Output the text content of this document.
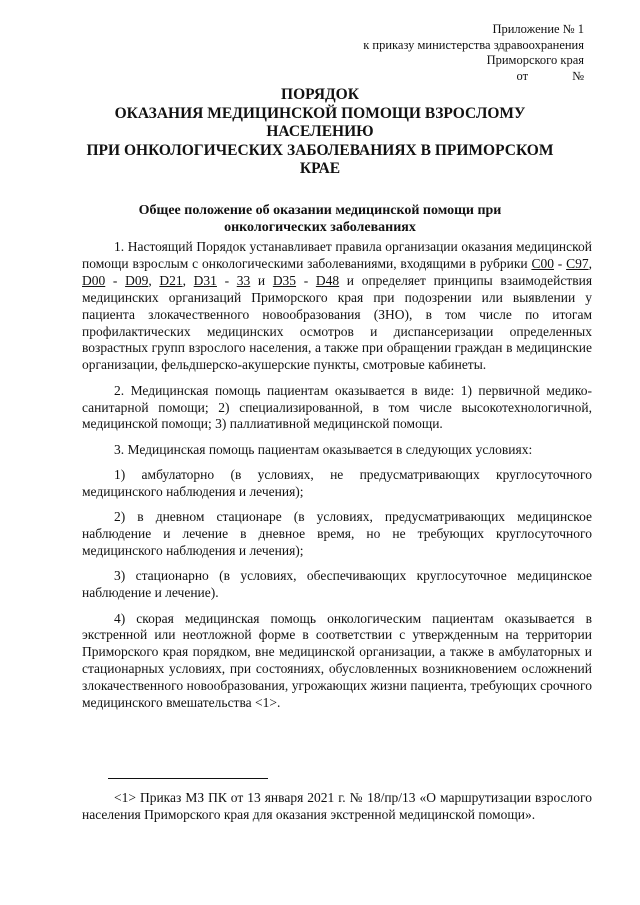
Приложение № 1
к приказу министерства здравоохранения
Приморского края
от	№
ПОРЯДОК
ОКАЗАНИЯ МЕДИЦИНСКОЙ ПОМОЩИ ВЗРОСЛОМУ
НАСЕЛЕНИЮ
ПРИ ОНКОЛОГИЧЕСКИХ ЗАБОЛЕВАНИЯХ В ПРИМОРСКОМ
КРАЕ
Общее положение об оказании медицинской помощи при
онкологических заболеваниях

1. Настоящий Порядок устанавливает правила организации оказания медицинской помощи взрослым с онкологическими заболеваниями, входящими в рубрики C00 - C97, D00 - D09, D21, D31 - 33 и D35 - D48 и определяет принципы взаимодействия медицинских организаций Приморского края при подозрении или выявлении у пациента злокачественного новообразования (ЗНО), в том числе по итогам профилактических медицинских осмотров и диспансеризации определенных возрастных групп взрослого населения, а также при обращении граждан в медицинские организации, фельдшерско-акушерские пункты, смотровые кабинеты.

2. Медицинская помощь пациентам оказывается в виде: 1) первичной медико-санитарной помощи; 2) специализированной, в том числе высокотехнологичной, медицинской помощи; 3) паллиативной медицинской помощи.

3. Медицинская помощь пациентам оказывается в следующих условиях:

1) амбулаторно (в условиях, не предусматривающих круглосуточного медицинского наблюдения и лечения);

2) в дневном стационаре (в условиях, предусматривающих медицинское наблюдение и лечение в дневное время, но не требующих круглосуточного медицинского наблюдения и лечения);

3) стационарно (в условиях, обеспечивающих круглосуточное медицинское наблюдение и лечение).

4) скорая медицинская помощь онкологическим пациентам оказывается в экстренной или неотложной форме в соответствии с утвержденным на территории Приморского края порядком, вне медицинской организации, а также в амбулаторных и стационарных условиях, при состояниях, обусловленных возникновением осложнений злокачественного новообразования, угрожающих жизни пациента, требующих срочного медицинского вмешательства <1>.

<1> Приказ МЗ ПК от 13 января 2021 г. № 18/пр/13 «О маршрутизации взрослого населения Приморского края для оказания экстренной медицинской помощи».
